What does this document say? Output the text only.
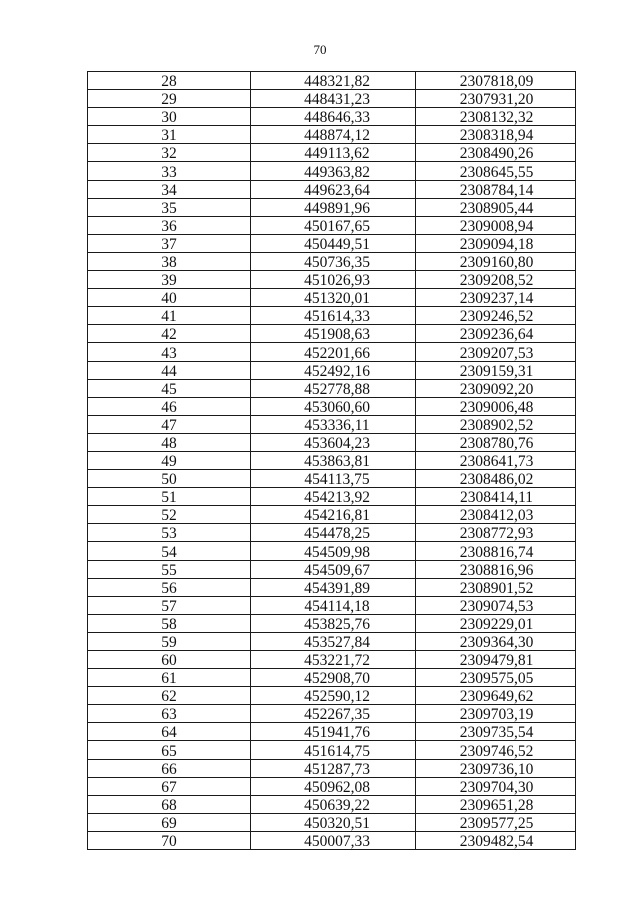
70
28	448321,82	2307818,09
29	448431,23	2307931,20
30	448646,33	2308132,32
31	448874,12	2308318,94
32	449113,62	2308490,26
33	449363,82	2308645,55
34	449623,64	2308784,14
35	449891,96	2308905,44
36	450167,65	2309008,94
37	450449,51	2309094,18
38	450736,35	2309160,80
39	451026,93	2309208,52
40	451320,01	2309237,14
41	451614,33	2309246,52
42	451908,63	2309236,64
43	452201,66	2309207,53
44	452492,16	2309159,31
45	452778,88	2309092,20
46	453060,60	2309006,48
47	453336,11	2308902,52
48	453604,23	2308780,76
49	453863,81	2308641,73
50	454113,75	2308486,02
51	454213,92	2308414,11
52	454216,81	2308412,03
53	454478,25	2308772,93
54	454509,98	2308816,74
55	454509,67	2308816,96
56	454391,89	2308901,52
57	454114,18	2309074,53
58	453825,76	2309229,01
59	453527,84	2309364,30
60	453221,72	2309479,81
61	452908,70	2309575,05
62	452590,12	2309649,62
63	452267,35	2309703,19
64	451941,76	2309735,54
65	451614,75	2309746,52
66	451287,73	2309736,10
67	450962,08	2309704,30
68	450639,22	2309651,28
69	450320,51	2309577,25
70	450007,33	2309482,54
